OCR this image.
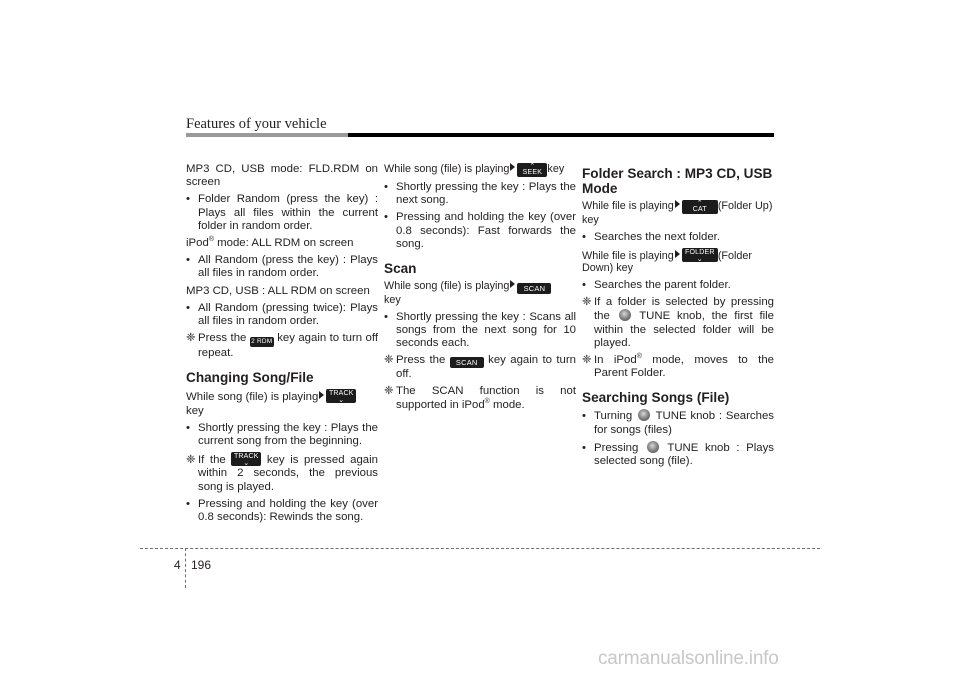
Features of your vehicle

MP3 CD, USB mode: FLD.RDM on screen

• Folder Random (press the key) : Plays all files within the current folder in random order.

iPod® mode: ALL RDM on screen

• All Random (press the key) : Plays all files in random order.

MP3 CD, USB : ALL RDM on screen

• All Random (pressing twice): Plays all files in random order.

❈ Press the 2 RDM key again to turn off repeat.

Changing Song/File

While song (file) is playing	TRACK
⌄

key

• Shortly pressing the key : Plays the current song from the beginning.

❈ If the TRACK
⌄	key is pressed again within 2 seconds, the previous song is played.

• Pressing and holding the key (over 0.8 seconds): Rewinds the song.

While song (file) is playing	⌃
SEEK key

• Shortly pressing the key : Plays the next song.

• Pressing and holding the key (over 0.8 seconds): Fast forwards the song.

Scan

While song (file) is playing SCAN
key

• Shortly pressing the key : Scans all songs from the next song for 10 seconds each.

❈ Press the SCAN key again to turn off.

❈ The SCAN function is not supported in iPod® mode.

Folder Search : MP3 CD, USB Mode

While file is playing	⌃
CAT (Folder Up) key

• Searches the next folder.

While file is playing	FOLDER
⌄	(Folder Down) key

• Searches the parent folder.

❈ If a folder is selected by pressing the  TUNE knob, the first file within the selected folder will be played.

❈ In iPod® mode, moves to the Parent Folder.

Searching Songs (File)

• Turning  TUNE knob : Searches for songs (files)

• Pressing  TUNE knob : Plays selected song (file).

4 196
carmanualsonline.info
